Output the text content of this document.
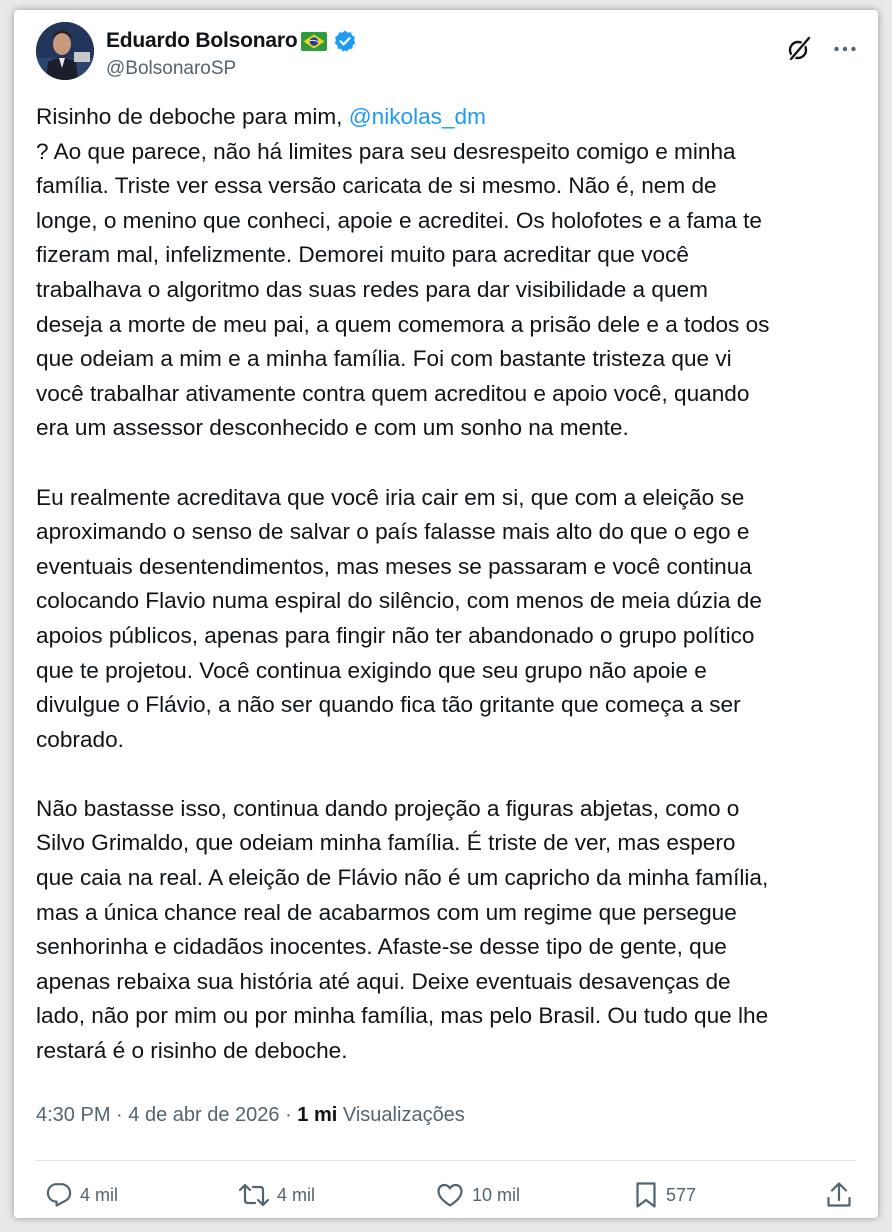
Eduardo Bolsonaro
@BolsonaroSP
Risinho de deboche para mim, @nikolas_dm
? Ao que parece, não há limites para seu desrespeito comigo e minha
família. Triste ver essa versão caricata de si mesmo. Não é, nem de
longe, o menino que conheci, apoie e acreditei. Os holofotes e a fama te
fizeram mal, infelizmente. Demorei muito para acreditar que você
trabalhava o algoritmo das suas redes para dar visibilidade a quem
deseja a morte de meu pai, a quem comemora a prisão dele e a todos os
que odeiam a mim e a minha família. Foi com bastante tristeza que vi
você trabalhar ativamente contra quem acreditou e apoio você, quando
era um assessor desconhecido e com um sonho na mente.
Eu realmente acreditava que você iria cair em si, que com a eleição se
aproximando o senso de salvar o país falasse mais alto do que o ego e
eventuais desentendimentos, mas meses se passaram e você continua
colocando Flavio numa espiral do silêncio, com menos de meia dúzia de
apoios públicos, apenas para fingir não ter abandonado o grupo político
que te projetou. Você continua exigindo que seu grupo não apoie e
divulgue o Flávio, a não ser quando fica tão gritante que começa a ser
cobrado.
Não bastasse isso, continua dando projeção a figuras abjetas, como o
Silvo Grimaldo, que odeiam minha família. É triste de ver, mas espero
que caia na real. A eleição de Flávio não é um capricho da minha família,
mas a única chance real de acabarmos com um regime que persegue
senhorinha e cidadãos inocentes. Afaste-se desse tipo de gente, que
apenas rebaixa sua história até aqui. Deixe eventuais desavenças de
lado, não por mim ou por minha família, mas pelo Brasil. Ou tudo que lhe
restará é o risinho de deboche.
4:30 PM · 4 de abr de 2026 · 1 mi Visualizações
4 mil	4 mil	10 mil	577
